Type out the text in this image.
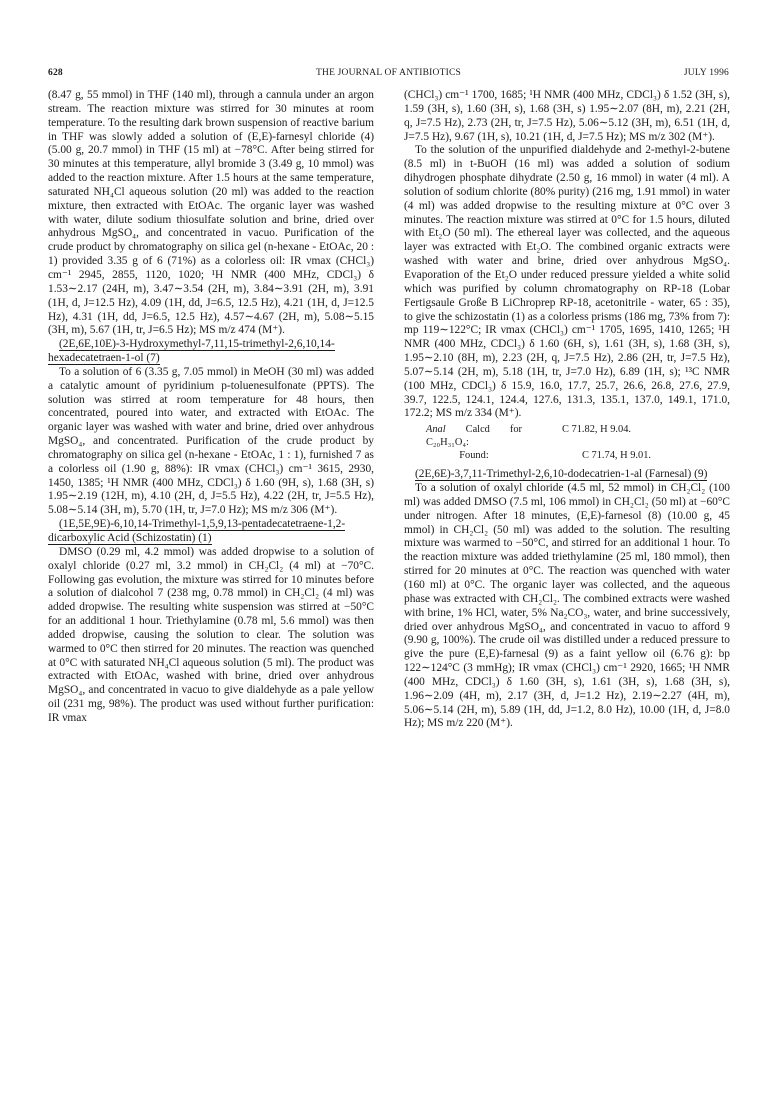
628	THE JOURNAL OF ANTIBIOTICS	JULY 1996

(8.47 g, 55 mmol) in THF (140 ml), through a cannula under an argon stream. The reaction mixture was stirred for 30 minutes at room temperature. To the resulting dark brown suspension of reactive barium in THF was slowly added a solution of (E,E)-farnesyl chloride (4) (5.00 g, 20.7 mmol) in THF (15 ml) at −78°C. After being stirred for 30 minutes at this temperature, allyl bromide 3 (3.49 g, 10 mmol) was added to the reaction mixture. After 1.5 hours at the same temperature, saturated NH₄Cl aqueous solution (20 ml) was added to the reaction mixture, then extracted with EtOAc. The organic layer was washed with water, dilute sodium thiosulfate solution and brine, dried over anhydrous MgSO₄, and concentrated in vacuo. Purification of the crude product by chromatography on silica gel (n-hexane - EtOAc, 20 : 1) provided 3.35 g of 6 (71%) as a colorless oil: IR νmax (CHCl₃) cm⁻¹ 2945, 2855, 1120, 1020; ¹H NMR (400 MHz, CDCl₃) δ 1.53∼2.17 (24H, m), 3.47∼3.54 (2H, m), 3.84∼3.91 (2H, m), 3.91 (1H, d, J=12.5 Hz), 4.09 (1H, dd, J=6.5, 12.5 Hz), 4.21 (1H, d, J=12.5 Hz), 4.31 (1H, dd, J=6.5, 12.5 Hz), 4.57∼4.67 (2H, m), 5.08∼5.15 (3H, m), 5.67 (1H, tr, J=6.5 Hz); MS m/z 474 (M⁺).

(2E,6E,10E)-3-Hydroxymethyl-7,11,15-trimethyl-2,6,10,14-hexadecatetraen-1-ol (7)

To a solution of 6 (3.35 g, 7.05 mmol) in MeOH (30 ml) was added a catalytic amount of pyridinium p-toluenesulfonate (PPTS). The solution was stirred at room temperature for 48 hours, then concentrated, poured into water, and extracted with EtOAc. The organic layer was washed with water and brine, dried over anhydrous MgSO₄, and concentrated. Purification of the crude product by chromatography on silica gel (n-hexane - EtOAc, 1 : 1), furnished 7 as a colorless oil (1.90 g, 88%): IR νmax (CHCl₃) cm⁻¹ 3615, 2930, 1450, 1385; ¹H NMR (400 MHz, CDCl₃) δ 1.60 (9H, s), 1.68 (3H, s) 1.95∼2.19 (12H, m), 4.10 (2H, d, J=5.5 Hz), 4.22 (2H, tr, J=5.5 Hz), 5.08∼5.14 (3H, m), 5.70 (1H, tr, J=7.0 Hz); MS m/z 306 (M⁺).

(1E,5E,9E)-6,10,14-Trimethyl-1,5,9,13-pentadecatetraene-1,2-dicarboxylic Acid (Schizostatin) (1)

DMSO (0.29 ml, 4.2 mmol) was added dropwise to a solution of oxalyl chloride (0.27 ml, 3.2 mmol) in CH₂Cl₂ (4 ml) at −70°C. Following gas evolution, the mixture was stirred for 10 minutes before a solution of dialcohol 7 (238 mg, 0.78 mmol) in CH₂Cl₂ (4 ml) was added dropwise. The resulting white suspension was stirred at −50°C for an additional 1 hour. Triethylamine (0.78 ml, 5.6 mmol) was then added dropwise, causing the solution to clear. The solution was warmed to 0°C then stirred for 20 minutes. The reaction was quenched at 0°C with saturated NH₄Cl aqueous solution (5 ml). The product was extracted with EtOAc, washed with brine, dried over anhydrous MgSO₄, and concentrated in vacuo to give dialdehyde as a pale yellow oil (231 mg, 98%). The product was used without further purification: IR νmax

(CHCl₃) cm⁻¹ 1700, 1685; ¹H NMR (400 MHz, CDCl₃) δ 1.52 (3H, s), 1.59 (3H, s), 1.60 (3H, s), 1.68 (3H, s) 1.95∼2.07 (8H, m), 2.21 (2H, q, J=7.5 Hz), 2.73 (2H, tr, J=7.5 Hz), 5.06∼5.12 (3H, m), 6.51 (1H, d, J=7.5 Hz), 9.67 (1H, s), 10.21 (1H, d, J=7.5 Hz); MS m/z 302 (M⁺).

To the solution of the unpurified dialdehyde and 2-methyl-2-butene (8.5 ml) in t-BuOH (16 ml) was added a solution of sodium dihydrogen phosphate dihydrate (2.50 g, 16 mmol) in water (4 ml). A solution of sodium chlorite (80% purity) (216 mg, 1.91 mmol) in water (4 ml) was added dropwise to the resulting mixture at 0°C over 3 minutes. The reaction mixture was stirred at 0°C for 1.5 hours, diluted with Et₂O (50 ml). The ethereal layer was collected, and the aqueous layer was extracted with Et₂O. The combined organic extracts were washed with water and brine, dried over anhydrous MgSO₄. Evaporation of the Et₂O under reduced pressure yielded a white solid which was purified by column chromatography on RP-18 (Lobar Fertigsaule Große B LiChroprep RP-18, acetonitrile - water, 65 : 35), to give the schizostatin (1) as a colorless prisms (186 mg, 73% from 7): mp 119∼122°C; IR νmax (CHCl₃) cm⁻¹ 1705, 1695, 1410, 1265; ¹H NMR (400 MHz, CDCl₃) δ 1.60 (6H, s), 1.61 (3H, s), 1.68 (3H, s), 1.95∼2.10 (8H, m), 2.23 (2H, q, J=7.5 Hz), 2.86 (2H, tr, J=7.5 Hz), 5.07∼5.14 (2H, m), 5.18 (1H, tr, J=7.0 Hz), 6.89 (1H, s); ¹³C NMR (100 MHz, CDCl₃) δ 15.9, 16.0, 17.7, 25.7, 26.6, 26.8, 27.6, 27.9, 39.7, 122.5, 124.1, 124.4, 127.6, 131.3, 135.1, 137.0, 149.1, 171.0, 172.2; MS m/z 334 (M⁺).

Anal Calcd for C₂₀H₃₁O₄:
C 71.82, H 9.04.
Found:	C 71.74, H 9.01.

(2E,6E)-3,7,11-Trimethyl-2,6,10-dodecatrien-1-al (Farnesal) (9)

To a solution of oxalyl chloride (4.5 ml, 52 mmol) in CH₂Cl₂ (100 ml) was added DMSO (7.5 ml, 106 mmol) in CH₂Cl₂ (50 ml) at −60°C under nitrogen. After 18 minutes, (E,E)-farnesol (8) (10.00 g, 45 mmol) in CH₂Cl₂ (50 ml) was added to the solution. The resulting mixture was warmed to −50°C, and stirred for an additional 1 hour. To the reaction mixture was added triethylamine (25 ml, 180 mmol), then stirred for 20 minutes at 0°C. The reaction was quenched with water (160 ml) at 0°C. The organic layer was collected, and the aqueous phase was extracted with CH₂Cl₂. The combined extracts were washed with brine, 1% HCl, water, 5% Na₂CO₃, water, and brine successively, dried over anhydrous MgSO₄, and concentrated in vacuo to afford 9 (9.90 g, 100%). The crude oil was distilled under a reduced pressure to give the pure (E,E)-farnesal (9) as a faint yellow oil (6.76 g): bp 122∼124°C (3 mmHg); IR νmax (CHCl₃) cm⁻¹ 2920, 1665; ¹H NMR (400 MHz, CDCl₃) δ 1.60 (3H, s), 1.61 (3H, s), 1.68 (3H, s), 1.96∼2.09 (4H, m), 2.17 (3H, d, J=1.2 Hz), 2.19∼2.27 (4H, m), 5.06∼5.14 (2H, m), 5.89 (1H, dd, J=1.2, 8.0 Hz), 10.00 (1H, d, J=8.0 Hz); MS m/z 220 (M⁺).
